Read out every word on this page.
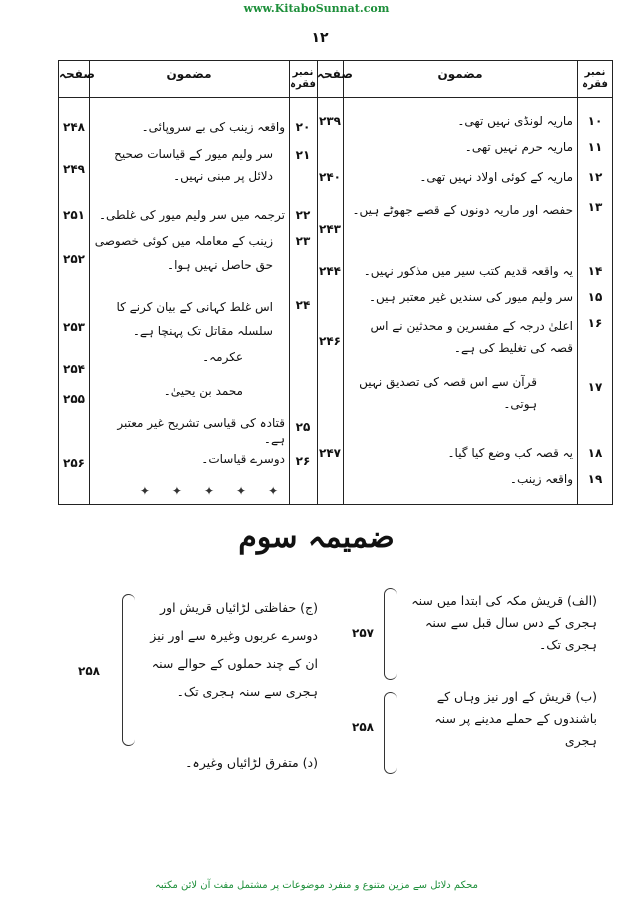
www.KitaboSunnat.com
۱۲
نمبر فقرہ
مضمون
صفحہ
نمبر فقرہ
مضمون
صفحہ
۱۰
ماریہ لونڈی نہیں تھی۔
۲۳۹
۱۱
ماریہ حرم نہیں تھی۔
۱۲
ماریہ کے کوئی اولاد نہیں تھی۔
۲۴۰
۱۳
حفصہ اور ماریہ دونوں کے قصے جھوٹے ہیں۔
۲۴۳
۱۴
یہ واقعہ قدیم کتب سیر میں مذکور نہیں۔
۲۴۴
۱۵
سر ولیم میور کی سندیں غیر معتبر ہیں۔
۱۶
اعلیٰ درجہ کے مفسرین و محدثین نے اس قصہ کی تغلیط کی ہے۔
۲۴۶
۱۷
قرآن سے اس قصہ کی تصدیق نہیں ہوتی۔
۱۸
یہ قصہ کب وضع کیا گیا۔
۲۴۷
۱۹
واقعہ زینب۔
۲۰
واقعہ زینب کی بے سروپائی۔
۲۴۸
۲۱
سر ولیم میور کے قیاسات صحیح دلائل پر مبنی نہیں۔
۲۴۹
۲۲
ترجمہ میں سر ولیم میور کی غلطی۔
۲۵۱
۲۳
زینب کے معاملہ میں کوئی خصوصی حق حاصل نہیں ہوا۔
۲۵۲
۲۴
اس غلط کہانی کے بیان کرنے کا سلسلہ مقاتل تک پہنچا ہے۔
۲۵۳
عکرمہ۔
۲۵۴
محمد بن یحییٰ۔
۲۵۵
۲۵
قتادہ کی قیاسی تشریح غیر معتبر ہے۔
۲۶
دوسرے قیاسات۔
۲۵۶
✦✦✦✦✦
ضمیمہ سوم
(الف) قریش مکہ کی ابتدا میں سنہ ہجری کے دس سال قبل سے سنہ ہجری تک۔
۲۵۷
(ب) قریش کے اور نیز وہاں کے باشندوں کے حملے مدینے پر سنہ ہجری
۲۵۸
(ج) حفاظتی لڑائیاں قریش اور دوسرے عربوں وغیرہ سے اور نیز ان کے چند حملوں کے حوالے سنہ ہجری سے سنہ ہجری تک۔
۲۵۸
(د) متفرق لڑائیاں وغیرہ۔
محکم دلائل سے مزین متنوع و منفرد موضوعات پر مشتمل مفت آن لائن مکتبہ
